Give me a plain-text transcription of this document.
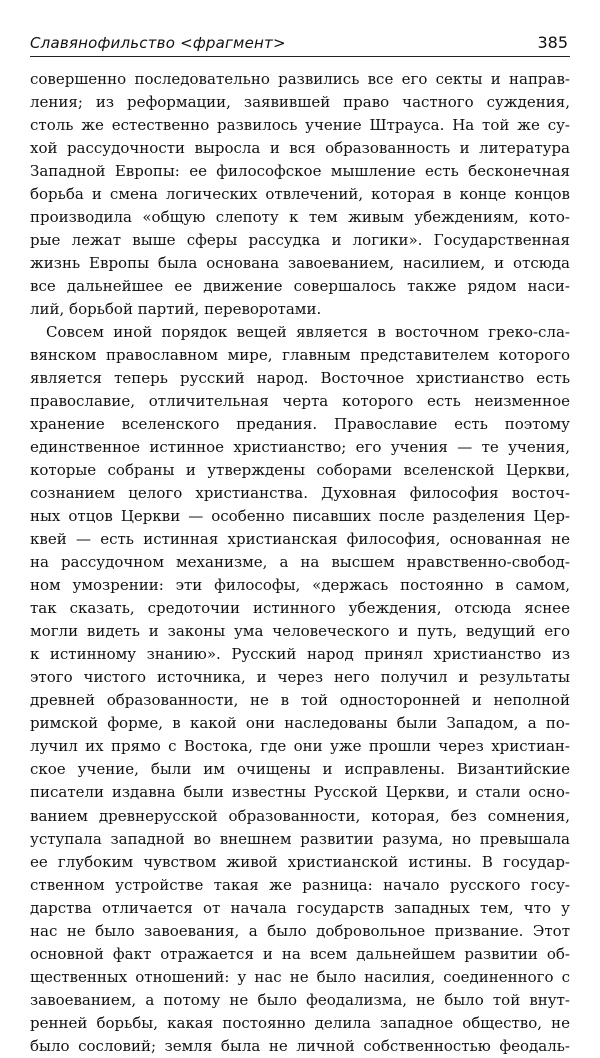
Славянофильство <фрагмент>	385
совершенно последовательно развились все его секты и направ-
ления; из реформации, заявившей право частного суждения,
столь же естественно развилось учение Штрауса. На той же су-
хой рассудочности выросла и вся образованность и литература
Западной Европы: ее философское мышление есть бесконечная
борьба и смена логических отвлечений, которая в конце концов
производила «общую слепоту к тем живым убеждениям, кото-
рые лежат выше сферы рассудка и логики». Государственная
жизнь Европы была основана завоеванием, насилием, и отсюда
все дальнейшее ее движение совершалось также рядом наси-
лий, борьбой партий, переворотами.
Совсем иной порядок вещей является в восточном греко-сла-
вянском православном мире, главным представителем которого
является теперь русский народ. Восточное христианство есть
православие, отличительная черта которого есть неизменное
хранение вселенского предания. Православие есть поэтому
единственное истинное христианство; его учения — те учения,
которые собраны и утверждены соборами вселенской Церкви,
сознанием целого христианства. Духовная философия восточ-
ных отцов Церкви — особенно писавших после разделения Цер-
квей — есть истинная христианская философия, основанная не
на рассудочном механизме, а на высшем нравственно-свобод-
ном умозрении: эти философы, «держась постоянно в самом,
так сказать, средоточии истинного убеждения, отсюда яснее
могли видеть и законы ума человеческого и путь, ведущий его
к истинному знанию». Русский народ принял христианство из
этого чистого источника, и через него получил и результаты
древней образованности, не в той односторонней и неполной
римской форме, в какой они наследованы были Западом, а по-
лучил их прямо с Востока, где они уже прошли через христиан-
ское учение, были им очищены и исправлены. Византийские
писатели издавна были известны Русской Церкви, и стали осно-
ванием древнерусской образованности, которая, без сомнения,
уступала западной во внешнем развитии разума, но превышала
ее глубоким чувством живой христианской истины. В государ-
ственном устройстве такая же разница: начало русского госу-
дарства отличается от начала государств западных тем, что у
нас не было завоевания, а было добровольное призвание. Этот
основной факт отражается и на всем дальнейшем развитии об-
щественных отношений: у нас не было насилия, соединенного с
завоеванием, а потому не было феодализма, не было той внут-
ренней борьбы, какая постоянно делила западное общество, не
было сословий; земля была не личной собственностью феодаль-
